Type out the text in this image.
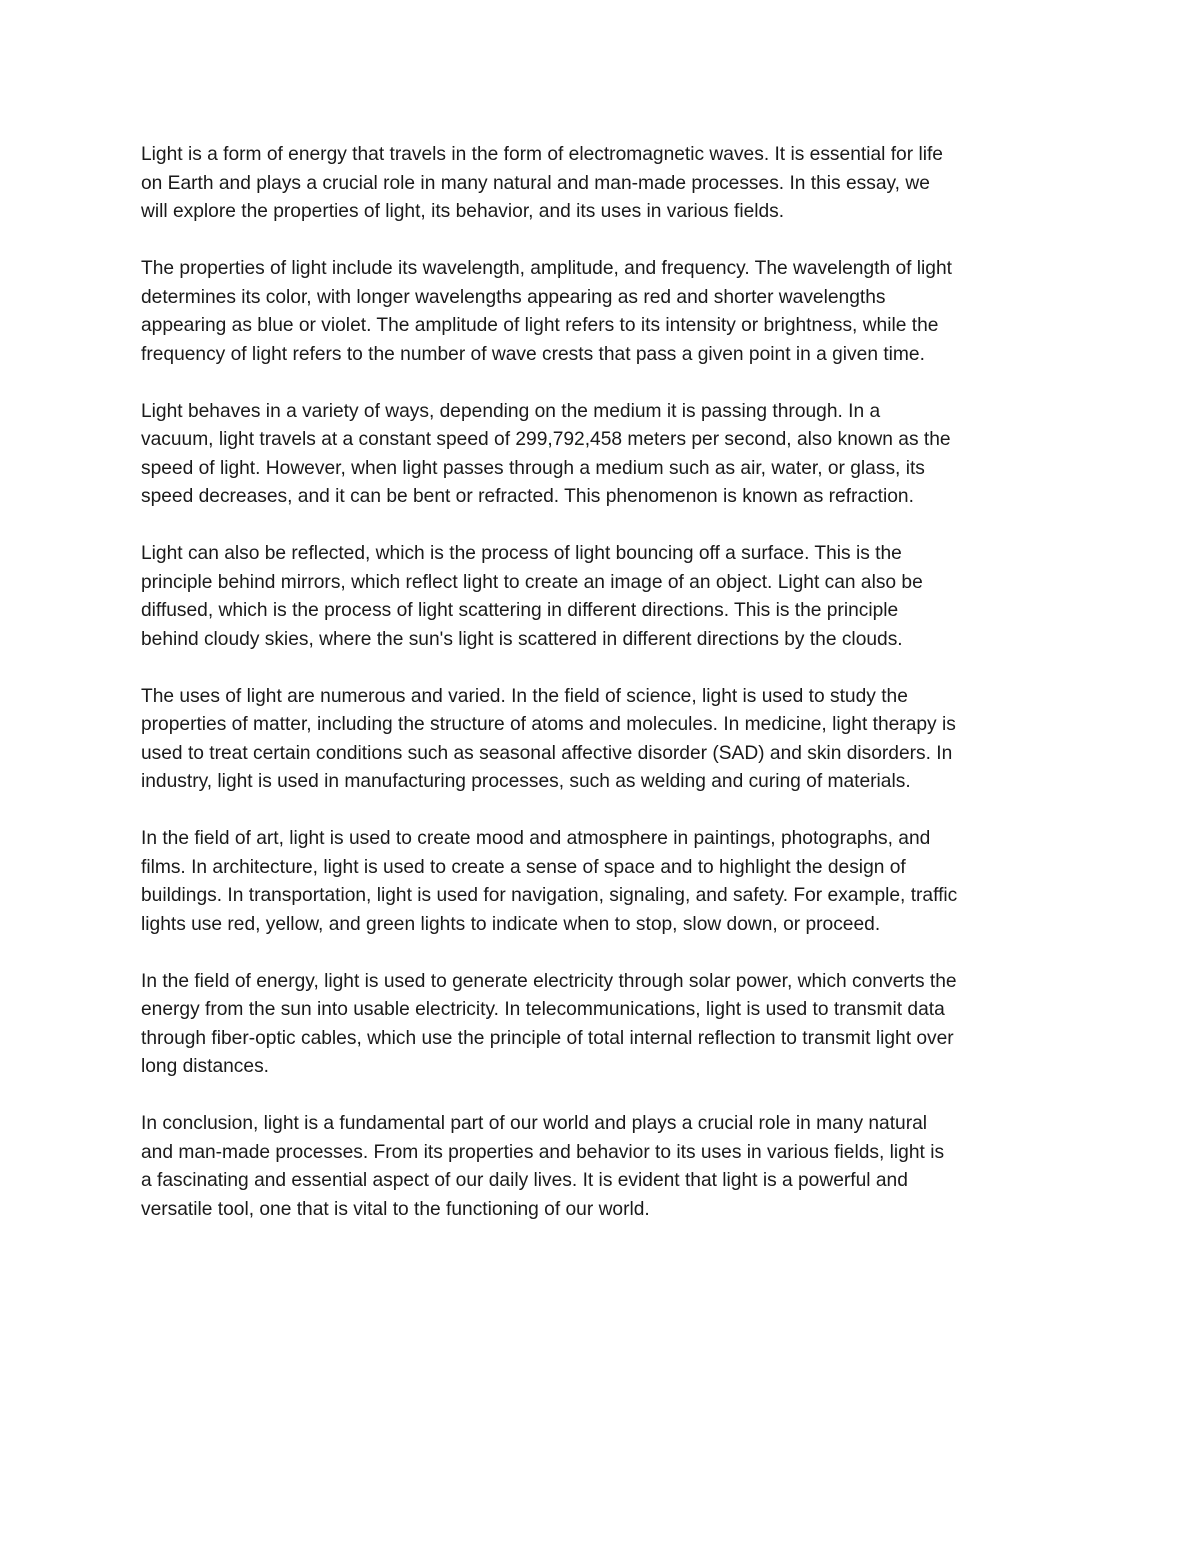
Light is a form of energy that travels in the form of electromagnetic waves. It is essential for life
on Earth and plays a crucial role in many natural and man-made processes. In this essay, we
will explore the properties of light, its behavior, and its uses in various fields.

The properties of light include its wavelength, amplitude, and frequency. The wavelength of light
determines its color, with longer wavelengths appearing as red and shorter wavelengths
appearing as blue or violet. The amplitude of light refers to its intensity or brightness, while the
frequency of light refers to the number of wave crests that pass a given point in a given time.

Light behaves in a variety of ways, depending on the medium it is passing through. In a
vacuum, light travels at a constant speed of 299,792,458 meters per second, also known as the
speed of light. However, when light passes through a medium such as air, water, or glass, its
speed decreases, and it can be bent or refracted. This phenomenon is known as refraction.

Light can also be reflected, which is the process of light bouncing off a surface. This is the
principle behind mirrors, which reflect light to create an image of an object. Light can also be
diffused, which is the process of light scattering in different directions. This is the principle
behind cloudy skies, where the sun's light is scattered in different directions by the clouds.

The uses of light are numerous and varied. In the field of science, light is used to study the
properties of matter, including the structure of atoms and molecules. In medicine, light therapy is
used to treat certain conditions such as seasonal affective disorder (SAD) and skin disorders. In
industry, light is used in manufacturing processes, such as welding and curing of materials.

In the field of art, light is used to create mood and atmosphere in paintings, photographs, and
films. In architecture, light is used to create a sense of space and to highlight the design of
buildings. In transportation, light is used for navigation, signaling, and safety. For example, traffic
lights use red, yellow, and green lights to indicate when to stop, slow down, or proceed.

In the field of energy, light is used to generate electricity through solar power, which converts the
energy from the sun into usable electricity. In telecommunications, light is used to transmit data
through fiber-optic cables, which use the principle of total internal reflection to transmit light over
long distances.

In conclusion, light is a fundamental part of our world and plays a crucial role in many natural
and man-made processes. From its properties and behavior to its uses in various fields, light is
a fascinating and essential aspect of our daily lives. It is evident that light is a powerful and
versatile tool, one that is vital to the functioning of our world.
